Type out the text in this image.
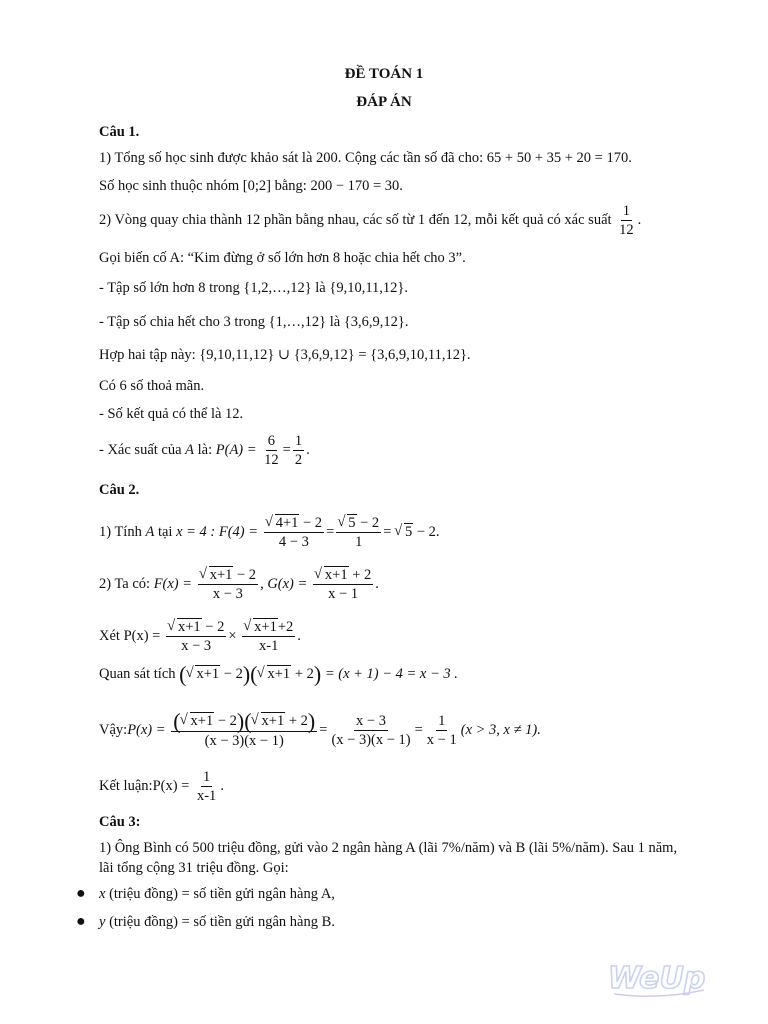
ĐỀ TOÁN 1
ĐÁP ÁN
Câu 1.
1) Tổng số học sinh được khảo sát là 200. Cộng các tần số đã cho: 65 + 50 + 35 + 20 = 170.
Số học sinh thuộc nhóm [0;2] bằng: 200 − 170 = 30.
2) Vòng quay chia thành 12 phần bằng nhau, các số từ 1 đến 12, mỗi kết quả có xác suất $\frac{1}{12}$ .
Gọi biến cố A: “Kim đừng ở số lớn hơn 8 hoặc chia hết cho 3”.
- Tập số lớn hơn 8 trong {1,2,…,12} là {9,10,11,12}.
- Tập số chia hết cho 3 trong {1,…,12} là {3,6,9,12}.
Hợp hai tập này: {9,10,11,12} ∪ {3,6,9,12} = {3,6,9,10,11,12}.
Có 6 số thoả mãn.
- Số kết quả có thể là 12.
- Xác suất của A là: $P(A) = \frac{6}{12} = \frac{1}{2}$ .
Câu 2.
1) Tính A tại x = 4 : F(4) = √ $\frac{4+1 - 2}{4 - 3}$ = √ $\frac{5 - 2}{1}$ = √ 5 − 2.
2) Ta có: F(x) = √ $\frac{x+1 - 2}{x - 3}$ , G(x) = √ $\frac{x+1 + 2}{x - 1}$ .
Xét P(x) = √ $\frac{x+1 - 2}{x - 3}$ × √ $\frac{x+1+2}{x-1}$ .
Quan sát tích ( √ x+1 − 2)( √ x+1 + 2) = (x + 1) − 4 = x − 3 .
Vậy:P(x) = $\frac{( √ x+1 - 2)( √ x+1 + 2)}{(x - 3)(x - 1)} = \frac{x - 3}{(x - 3)(x - 1)} = \frac{1}{x - 1} (x > 3$, x ≠ 1).
Kết luận:P(x) = $\frac{1}{x-1}$ .
Câu 3:
1) Ông Bình có 500 triệu đồng, gửi vào 2 ngân hàng A (lãi 7%/năm) và B (lãi 5%/năm). Sau 1 năm,
lãi tổng cộng 31 triệu đồng. Gọi:
● x (triệu đồng) = số tiền gửi ngân hàng A,
● y (triệu đồng) = số tiền gửi ngân hàng B.
WeUp
